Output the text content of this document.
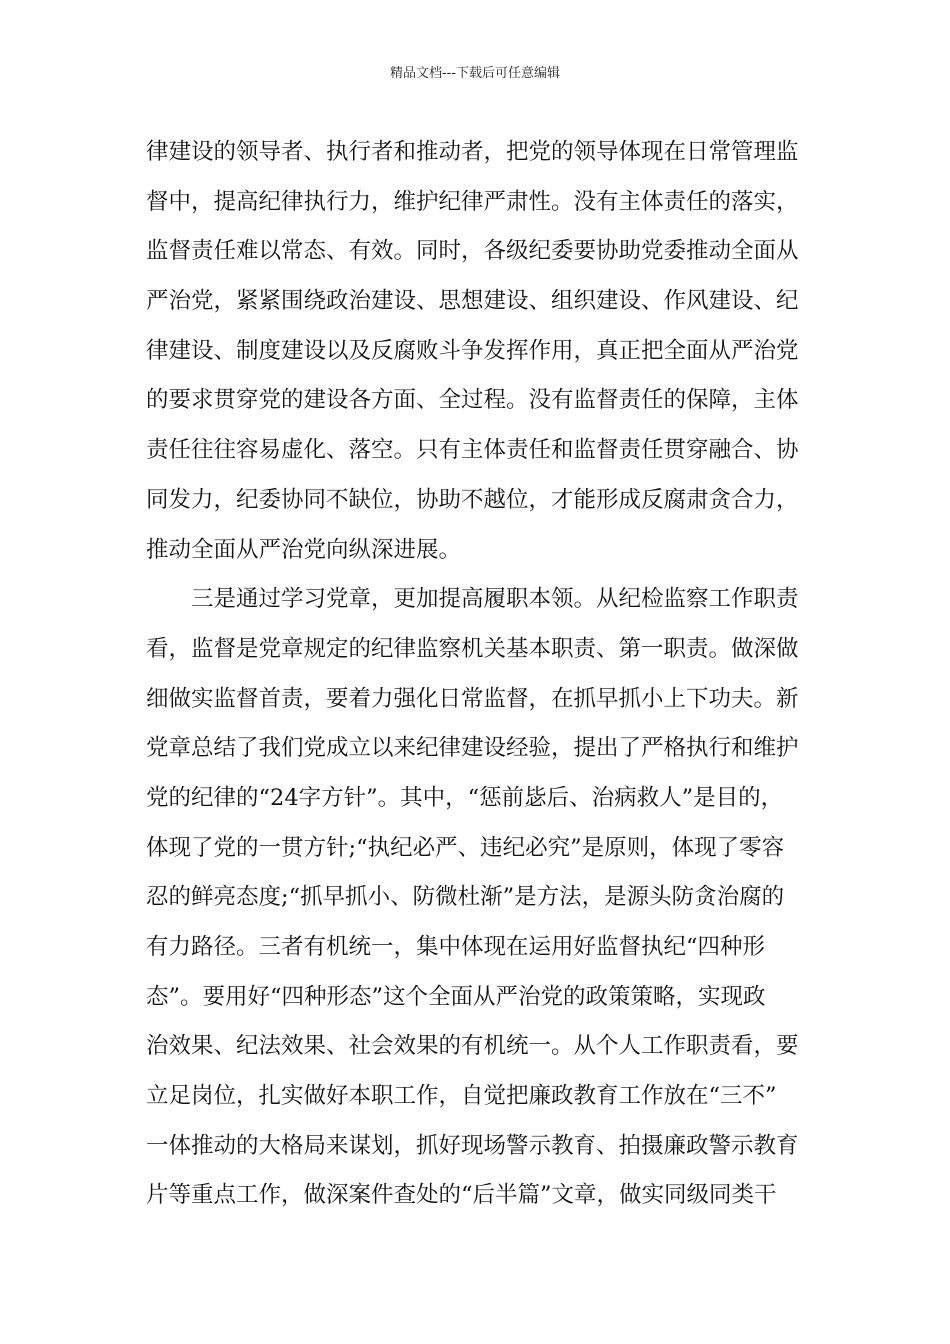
精品文档---下载后可任意编辑
律建设的领导者、执行者和推动者，把党的领导体现在日常管理监
督中，提高纪律执行力，维护纪律严肃性。没有主体责任的落实，
监督责任难以常态、有效。同时，各级纪委要协助党委推动全面从
严治党，紧紧围绕政治建设、思想建设、组织建设、作风建设、纪
律建设、制度建设以及反腐败斗争发挥作用，真正把全面从严治党
的要求贯穿党的建设各方面、全过程。没有监督责任的保障，主体
责任往往容易虚化、落空。只有主体责任和监督责任贯穿融合、协
同发力，纪委协同不缺位，协助不越位，才能形成反腐肃贪合力，
推动全面从严治党向纵深进展。
三是通过学习党章，更加提高履职本领。从纪检监察工作职责
看，监督是党章规定的纪律监察机关基本职责、第一职责。做深做
细做实监督首责，要着力强化日常监督，在抓早抓小上下功夫。新
党章总结了我们党成立以来纪律建设经验，提出了严格执行和维护
党的纪律的“24字方针”。其中，“惩前毖后、治病救人”是目的，
体现了党的一贯方针;“执纪必严、违纪必究”是原则，体现了零容
忍的鲜亮态度;“抓早抓小、防微杜渐”是方法，是源头防贪治腐的
有力路径。三者有机统一，集中体现在运用好监督执纪“四种形
态”。要用好“四种形态”这个全面从严治党的政策策略，实现政
治效果、纪法效果、社会效果的有机统一。从个人工作职责看，要
立足岗位，扎实做好本职工作，自觉把廉政教育工作放在“三不”
一体推动的大格局来谋划，抓好现场警示教育、拍摄廉政警示教育
片等重点工作，做深案件查处的“后半篇”文章，做实同级同类干
